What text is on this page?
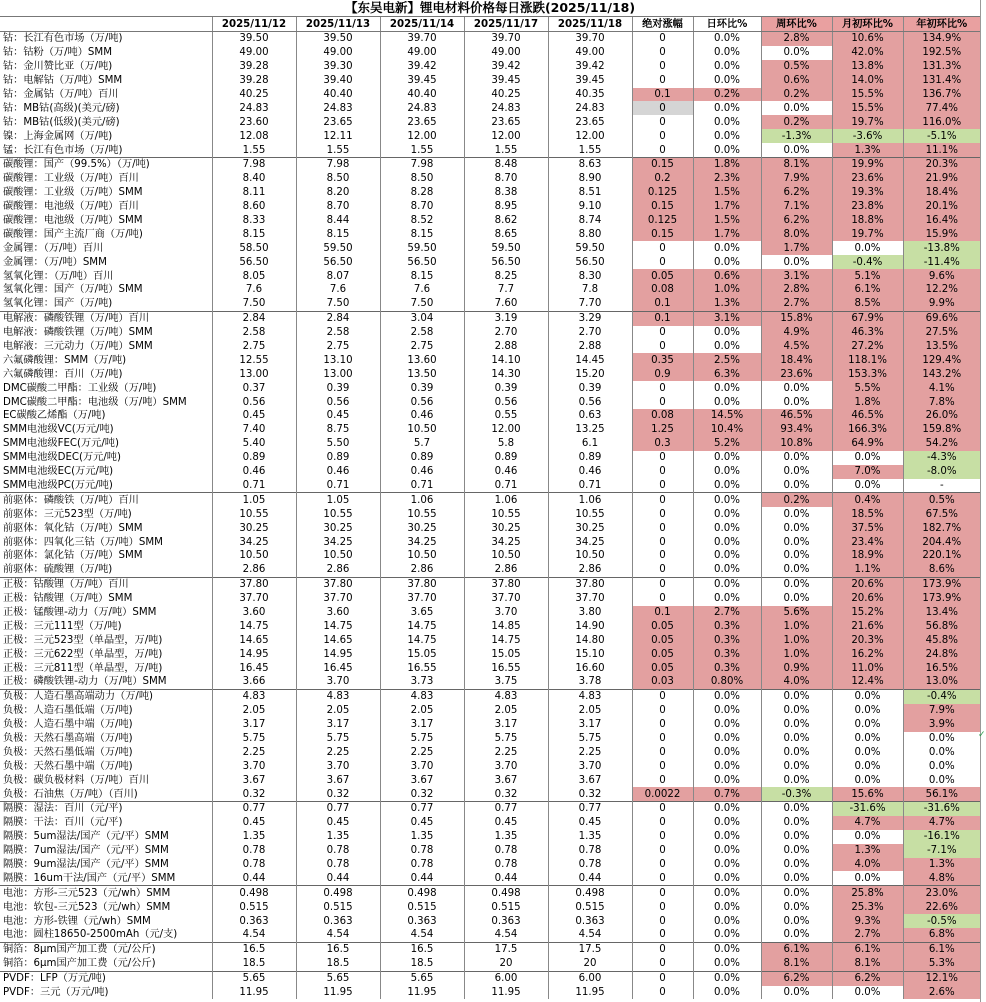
【东吴电新】锂电材料价格每日涨跌(2025/11/18)										
	2025/11/12	2025/11/13	2025/11/14	2025/11/17	2025/11/18	绝对涨幅	日环比%	周环比%	月初环比%	年初环比%
钴：长江有色市场（万/吨)	39.50	39.50	39.70	39.70	39.70	0	0.0%	2.8%	10.6%	134.9%
钴：钴粉（万/吨）SMM	49.00	49.00	49.00	49.00	49.00	0	0.0%	0.0%	42.0%	192.5%
钴：金川赞比亚（万/吨)	39.28	39.30	39.42	39.42	39.42	0	0.0%	0.5%	13.8%	131.3%
钴：电解钴（万/吨）SMM	39.28	39.40	39.45	39.45	39.45	0	0.0%	0.6%	14.0%	131.4%
钴：金属钴（万/吨）百川	40.25	40.40	40.40	40.25	40.35	0.1	0.2%	0.2%	15.5%	136.7%
钴：MB钴(高级)(美元/磅)	24.83	24.83	24.83	24.83	24.83	0	0.0%	0.0%	15.5%	77.4%
钴：MB钴(低级)(美元/磅)	23.60	23.65	23.65	23.65	23.65	0	0.0%	0.2%	19.7%	116.0%
镍：上海金属网（万/吨)	12.08	12.11	12.00	12.00	12.00	0	0.0%	-1.3%	-3.6%	-5.1%
锰：长江有色市场（万/吨)	1.55	1.55	1.55	1.55	1.55	0	0.0%	0.0%	1.3%	11.1%
碳酸锂：国产（99.5%）（万/吨)	7.98	7.98	7.98	8.48	8.63	0.15	1.8%	8.1%	19.9%	20.3%
碳酸锂：工业级（万/吨）百川	8.40	8.50	8.50	8.70	8.90	0.2	2.3%	7.9%	23.6%	21.9%
碳酸锂：工业级（万/吨）SMM	8.11	8.20	8.28	8.38	8.51	0.125	1.5%	6.2%	19.3%	18.4%
碳酸锂：电池级（万/吨）百川	8.60	8.70	8.70	8.95	9.10	0.15	1.7%	7.1%	23.8%	20.1%
碳酸锂：电池级（万/吨）SMM	8.33	8.44	8.52	8.62	8.74	0.125	1.5%	6.2%	18.8%	16.4%
碳酸锂：国产主流厂商（万/吨)	8.15	8.15	8.15	8.65	8.80	0.15	1.7%	8.0%	19.7%	15.9%
金属锂：（万/吨）百川	58.50	59.50	59.50	59.50	59.50	0	0.0%	1.7%	0.0%	-13.8%
金属锂：（万/吨）SMM	56.50	56.50	56.50	56.50	56.50	0	0.0%	0.0%	-0.4%	-11.4%
氢氧化锂：（万/吨）百川	8.05	8.07	8.15	8.25	8.30	0.05	0.6%	3.1%	5.1%	9.6%
氢氧化锂：国产（万/吨）SMM	7.6	7.6	7.6	7.7	7.8	0.08	1.0%	2.8%	6.1%	12.2%
氢氧化锂：国产（万/吨)	7.50	7.50	7.50	7.60	7.70	0.1	1.3%	2.7%	8.5%	9.9%
电解液：磷酸铁锂（万/吨）百川	2.84	2.84	3.04	3.19	3.29	0.1	3.1%	15.8%	67.9%	69.6%
电解液：磷酸铁锂（万/吨）SMM	2.58	2.58	2.58	2.70	2.70	0	0.0%	4.9%	46.3%	27.5%
电解液：三元动力（万/吨）SMM	2.75	2.75	2.75	2.88	2.88	0	0.0%	4.5%	27.2%	13.5%
六氟磷酸锂：SMM（万/吨)	12.55	13.10	13.60	14.10	14.45	0.35	2.5%	18.4%	118.1%	129.4%
六氟磷酸锂：百川（万/吨)	13.00	13.00	13.50	14.30	15.20	0.9	6.3%	23.6%	153.3%	143.2%
DMC碳酸二甲酯：工业级（万/吨)	0.37	0.39	0.39	0.39	0.39	0	0.0%	0.0%	5.5%	4.1%
DMC碳酸二甲酯：电池级（万/吨）SMM	0.56	0.56	0.56	0.56	0.56	0	0.0%	0.0%	1.8%	7.8%
EC碳酸乙烯酯（万/吨)	0.45	0.45	0.46	0.55	0.63	0.08	14.5%	46.5%	46.5%	26.0%
SMM电池级VC(万元/吨)	7.40	8.75	10.50	12.00	13.25	1.25	10.4%	93.4%	166.3%	159.8%
SMM电池级FEC(万元/吨)	5.40	5.50	5.7	5.8	6.1	0.3	5.2%	10.8%	64.9%	54.2%
SMM电池级DEC(万元/吨)	0.89	0.89	0.89	0.89	0.89	0	0.0%	0.0%	0.0%	-4.3%
SMM电池级EC(万元/吨)	0.46	0.46	0.46	0.46	0.46	0	0.0%	0.0%	7.0%	-8.0%
SMM电池级PC(万元/吨)	0.71	0.71	0.71	0.71	0.71	0	0.0%	0.0%	0.0%	-
前驱体：磷酸铁（万/吨）百川	1.05	1.05	1.06	1.06	1.06	0	0.0%	0.2%	0.4%	0.5%
前驱体：三元523型（万/吨)	10.55	10.55	10.55	10.55	10.55	0	0.0%	0.0%	18.5%	67.5%
前驱体：氧化钴（万/吨）SMM	30.25	30.25	30.25	30.25	30.25	0	0.0%	0.0%	37.5%	182.7%
前驱体：四氧化三钴（万/吨）SMM	34.25	34.25	34.25	34.25	34.25	0	0.0%	0.0%	23.4%	204.4%
前驱体：氯化钴（万/吨）SMM	10.50	10.50	10.50	10.50	10.50	0	0.0%	0.0%	18.9%	220.1%
前驱体：硫酸锂（万/吨)	2.86	2.86	2.86	2.86	2.86	0	0.0%	0.0%	1.1%	8.6%
正极：钴酸锂（万/吨）百川	37.80	37.80	37.80	37.80	37.80	0	0.0%	0.0%	20.6%	173.9%
正极：钴酸锂（万/吨）SMM	37.70	37.70	37.70	37.70	37.70	0	0.0%	0.0%	20.6%	173.9%
正极：锰酸锂-动力（万/吨）SMM	3.60	3.60	3.65	3.70	3.80	0.1	2.7%	5.6%	15.2%	13.4%
正极：三元111型（万/吨)	14.75	14.75	14.75	14.85	14.90	0.05	0.3%	1.0%	21.6%	56.8%
正极：三元523型（单晶型，万/吨)	14.65	14.65	14.75	14.75	14.80	0.05	0.3%	1.0%	20.3%	45.8%
正极：三元622型（单晶型，万/吨)	14.95	14.95	15.05	15.05	15.10	0.05	0.3%	1.0%	16.2%	24.8%
正极：三元811型（单晶型，万/吨)	16.45	16.45	16.55	16.55	16.60	0.05	0.3%	0.9%	11.0%	16.5%
正极：磷酸铁锂-动力（万/吨）SMM	3.66	3.70	3.73	3.75	3.78	0.03	0.80%	4.0%	12.4%	13.0%
负极：人造石墨高端动力（万/吨)	4.83	4.83	4.83	4.83	4.83	0	0.0%	0.0%	0.0%	-0.4%
负极：人造石墨低端（万/吨)	2.05	2.05	2.05	2.05	2.05	0	0.0%	0.0%	0.0%	7.9%
负极：人造石墨中端（万/吨)	3.17	3.17	3.17	3.17	3.17	0	0.0%	0.0%	0.0%	3.9%
负极：天然石墨高端（万/吨)	5.75	5.75	5.75	5.75	5.75	0	0.0%	0.0%	0.0%	0.0%
负极：天然石墨低端（万/吨)	2.25	2.25	2.25	2.25	2.25	0	0.0%	0.0%	0.0%	0.0%
负极：天然石墨中端（万/吨)	3.70	3.70	3.70	3.70	3.70	0	0.0%	0.0%	0.0%	0.0%
负极：碳负极材料（万/吨）百川	3.67	3.67	3.67	3.67	3.67	0	0.0%	0.0%	0.0%	0.0%
负极：石油焦（万/吨）（百川)	0.32	0.32	0.32	0.32	0.32	0.0022	0.7%	-0.3%	15.6%	56.1%
隔膜：湿法：百川（元/平)	0.77	0.77	0.77	0.77	0.77	0	0.0%	0.0%	-31.6%	-31.6%
隔膜：干法：百川（元/平)	0.45	0.45	0.45	0.45	0.45	0	0.0%	0.0%	4.7%	4.7%
隔膜：5um湿法/国产（元/平）SMM	1.35	1.35	1.35	1.35	1.35	0	0.0%	0.0%	0.0%	-16.1%
隔膜：7um湿法/国产（元/平）SMM	0.78	0.78	0.78	0.78	0.78	0	0.0%	0.0%	1.3%	-7.1%
隔膜：9um湿法/国产（元/平）SMM	0.78	0.78	0.78	0.78	0.78	0	0.0%	0.0%	4.0%	1.3%
隔膜：16um干法/国产（元/平）SMM	0.44	0.44	0.44	0.44	0.44	0	0.0%	0.0%	0.0%	4.8%
电池：方形-三元523（元/wh）SMM	0.498	0.498	0.498	0.498	0.498	0	0.0%	0.0%	25.8%	23.0%
电池：软包-三元523（元/wh）SMM	0.515	0.515	0.515	0.515	0.515	0	0.0%	0.0%	25.3%	22.6%
电池：方形-铁锂（元/wh）SMM	0.363	0.363	0.363	0.363	0.363	0	0.0%	0.0%	9.3%	-0.5%
电池：圆柱18650-2500mAh（元/支)	4.54	4.54	4.54	4.54	4.54	0	0.0%	0.0%	2.7%	6.8%
铜箔：8μm国产加工费（元/公斤)	16.5	16.5	16.5	17.5	17.5	0	0.0%	6.1%	6.1%	6.1%
铜箔：6μm国产加工费（元/公斤)	18.5	18.5	18.5	20	20	0	0.0%	8.1%	8.1%	5.3%
PVDF：LFP（万元/吨)	5.65	5.65	5.65	6.00	6.00	0	0.0%	6.2%	6.2%	12.1%
PVDF：三元（万元/吨)	11.95	11.95	11.95	11.95	11.95	0	0.0%	0.0%	0.0%	2.6%
✓
